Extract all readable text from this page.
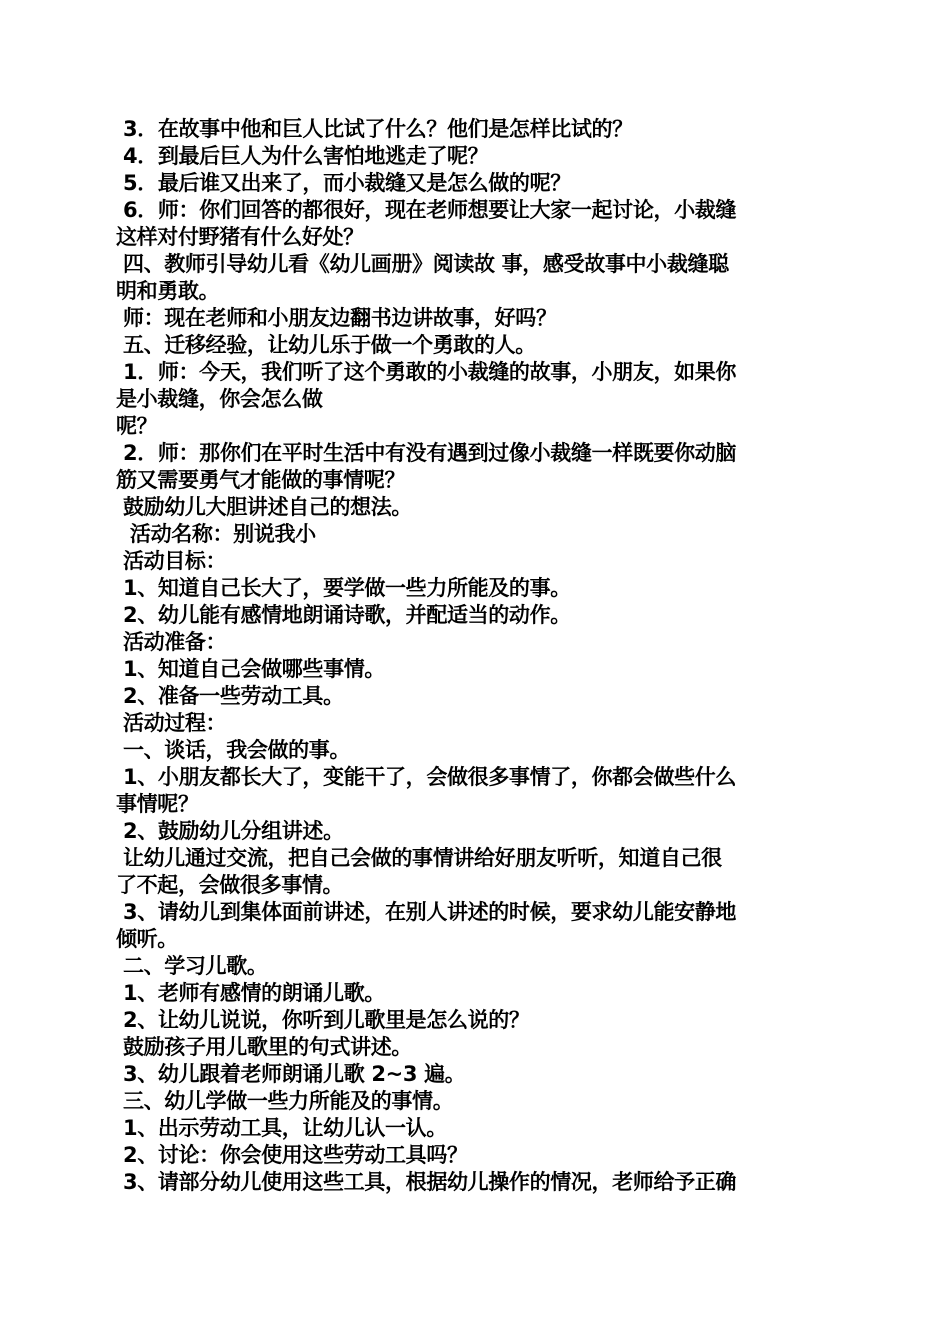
3．在故事中他和巨人比试了什么？他们是怎样比试的？
4．到最后巨人为什么害怕地逃走了呢？
5．最后谁又出来了，而小裁缝又是怎么做的呢？
6．师：你们回答的都很好，现在老师想要让大家一起讨论，小裁缝
这样对付野猪有什么好处？
四、教师引导幼儿看《幼儿画册》阅读故 事，感受故事中小裁缝聪
明和勇敢。
师：现在老师和小朋友边翻书边讲故事，好吗？
五、迁移经验，让幼儿乐于做一个勇敢的人。
1．师：今天，我们听了这个勇敢的小裁缝的故事，小朋友，如果你
是小裁缝，你会怎么做
呢？
2．师：那你们在平时生活中有没有遇到过像小裁缝一样既要你动脑
筋又需要勇气才能做的事情呢？
鼓励幼儿大胆讲述自己的想法。
活动名称：别说我小
活动目标：
1、知道自己长大了，要学做一些力所能及的事。
2、幼儿能有感情地朗诵诗歌，并配适当的动作。
活动准备：
1、知道自己会做哪些事情。
2、准备一些劳动工具。
活动过程：
一、谈话，我会做的事。
1、小朋友都长大了，变能干了，会做很多事情了，你都会做些什么
事情呢？
2、鼓励幼儿分组讲述。
让幼儿通过交流，把自己会做的事情讲给好朋友听听，知道自己很
了不起，会做很多事情。
3、请幼儿到集体面前讲述，在别人讲述的时候，要求幼儿能安静地
倾听。
二、学习儿歌。
1、老师有感情的朗诵儿歌。
2、让幼儿说说，你听到儿歌里是怎么说的？
鼓励孩子用儿歌里的句式讲述。
3、幼儿跟着老师朗诵儿歌 2~3 遍。
三、幼儿学做一些力所能及的事情。
1、出示劳动工具，让幼儿认一认。
2、讨论：你会使用这些劳动工具吗？
3、请部分幼儿使用这些工具，根据幼儿操作的情况，老师给予正确
